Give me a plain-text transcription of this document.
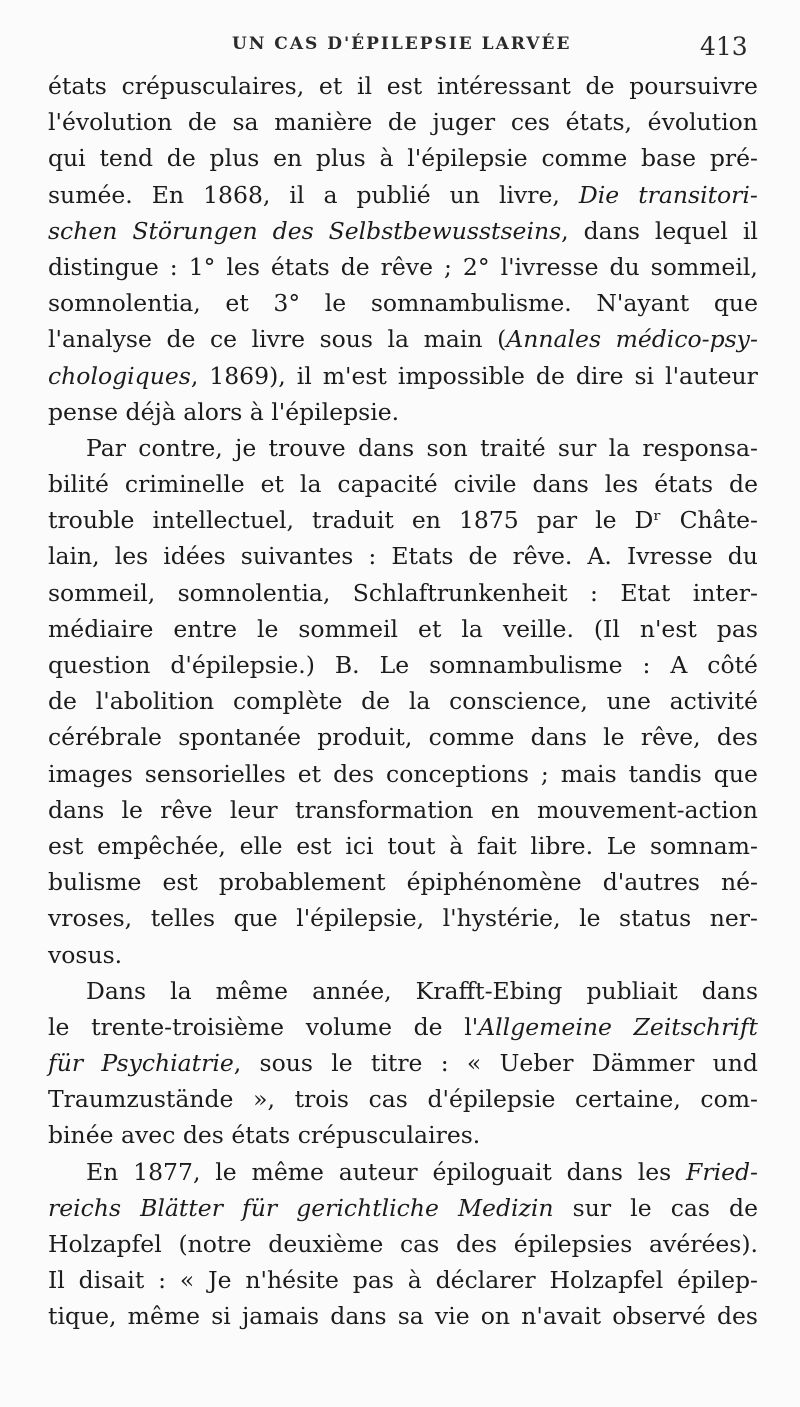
UN CAS D'ÉPILEPSIE LARVÉE	413
états crépusculaires, et il est intéressant de poursuivre
l'évolution de sa manière de juger ces états, évolution
qui tend de plus en plus à l'épilepsie comme base pré-
sumée. En 1868, il a publié un livre, Die transitori-
schen Störungen des Selbstbewusstseins, dans lequel il
distingue : 1° les états de rêve ; 2° l'ivresse du sommeil,
somnolentia, et 3° le somnambulisme. N'ayant que
l'analyse de ce livre sous la main (Annales médico-psy-
chologiques, 1869), il m'est impossible de dire si l'auteur
pense déjà alors à l'épilepsie.
Par contre, je trouve dans son traité sur la responsa-
bilité criminelle et la capacité civile dans les états de
trouble intellectuel, traduit en 1875 par le Dʳ Châte-
lain, les idées suivantes : Etats de rêve. A. Ivresse du
sommeil, somnolentia, Schlaftrunkenheit : Etat inter-
médiaire entre le sommeil et la veille. (Il n'est pas
question d'épilepsie.) B. Le somnambulisme : A côté
de l'abolition complète de la conscience, une activité
cérébrale spontanée produit, comme dans le rêve, des
images sensorielles et des conceptions ; mais tandis que
dans le rêve leur transformation en mouvement-action
est empêchée, elle est ici tout à fait libre. Le somnam-
bulisme est probablement épiphénomène d'autres né-
vroses, telles que l'épilepsie, l'hystérie, le status ner-
vosus.
Dans la même année, Krafft-Ebing publiait dans
le trente-troisième volume de l'Allgemeine Zeitschrift
für Psychiatrie, sous le titre : « Ueber Dämmer und
Traumzustände », trois cas d'épilepsie certaine, com-
binée avec des états crépusculaires.
En 1877, le même auteur épiloguait dans les Fried-
reichs Blätter für gerichtliche Medizin sur le cas de
Holzapfel (notre deuxième cas des épilepsies avérées).
Il disait : « Je n'hésite pas à déclarer Holzapfel épilep-
tique, même si jamais dans sa vie on n'avait observé des
